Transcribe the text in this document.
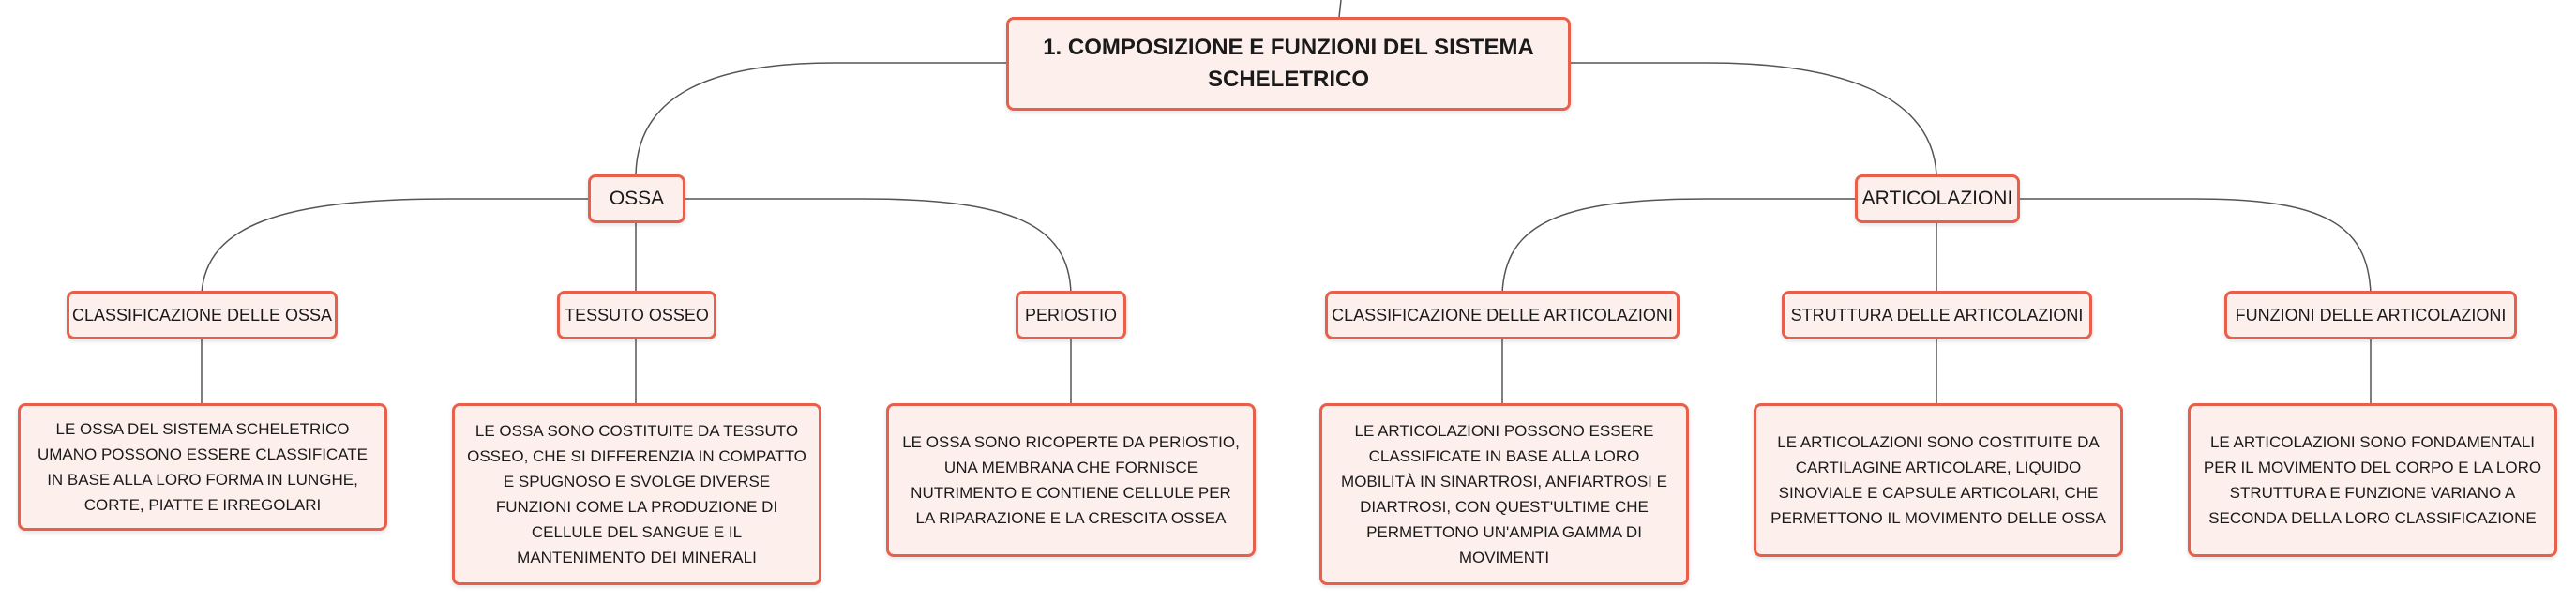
1. COMPOSIZIONE E FUNZIONI DEL SISTEMA SCHELETRICO
OSSA	ARTICOLAZIONI
CLASSIFICAZIONE DELLE OSSA	TESSUTO OSSEO	PERIOSTIO	CLASSIFICAZIONE DELLE ARTICOLAZIONI	STRUTTURA DELLE ARTICOLAZIONI	FUNZIONI DELLE ARTICOLAZIONI
LE OSSA DEL SISTEMA SCHELETRICO UMANO POSSONO ESSERE CLASSIFICATE IN BASE ALLA LORO FORMA IN LUNGHE, CORTE, PIATTE E IRREGOLARI
LE OSSA SONO COSTITUITE DA TESSUTO OSSEO, CHE SI DIFFERENZIA IN COMPATTO E SPUGNOSO E SVOLGE DIVERSE FUNZIONI COME LA PRODUZIONE DI CELLULE DEL SANGUE E IL MANTENIMENTO DEI MINERALI
LE OSSA SONO RICOPERTE DA PERIOSTIO, UNA MEMBRANA CHE FORNISCE NUTRIMENTO E CONTIENE CELLULE PER LA RIPARAZIONE E LA CRESCITA OSSEA
LE ARTICOLAZIONI POSSONO ESSERE CLASSIFICATE IN BASE ALLA LORO MOBILITÀ IN SINARTROSI, ANFIARTROSI E DIARTROSI, CON QUEST'ULTIME CHE PERMETTONO UN'AMPIA GAMMA DI MOVIMENTI
LE ARTICOLAZIONI SONO COSTITUITE DA CARTILAGINE ARTICOLARE, LIQUIDO SINOVIALE E CAPSULE ARTICOLARI, CHE PERMETTONO IL MOVIMENTO DELLE OSSA
LE ARTICOLAZIONI SONO FONDAMENTALI PER IL MOVIMENTO DEL CORPO E LA LORO STRUTTURA E FUNZIONE VARIANO A SECONDA DELLA LORO CLASSIFICAZIONE
